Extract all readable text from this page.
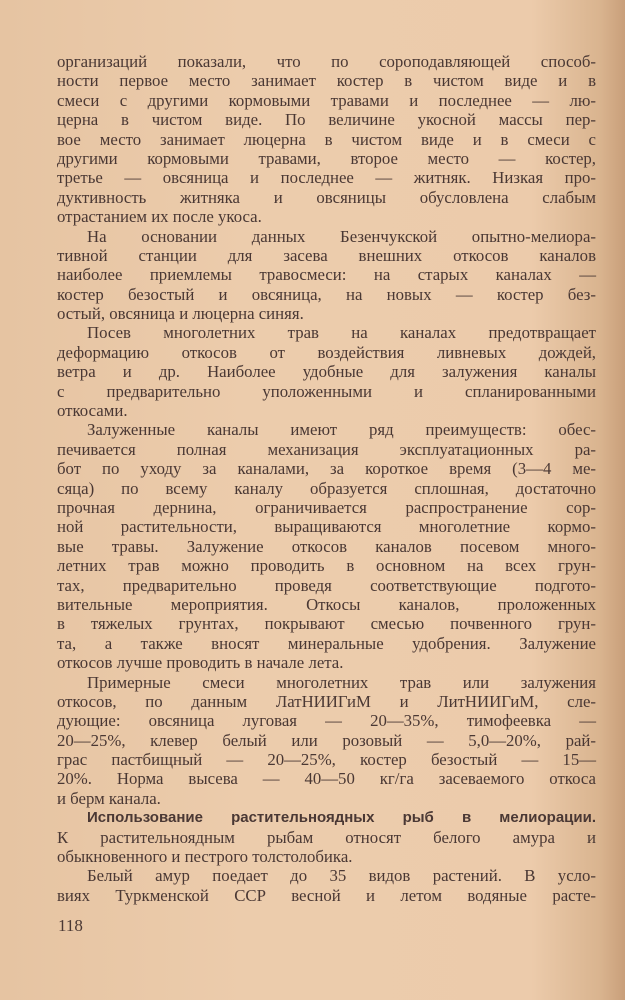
организаций показали, что по сороподавляющей способ-
ности первое место занимает костер в чистом виде и в
смеси с другими кормовыми травами и последнее — лю-
церна в чистом виде. По величине укосной массы пер-
вое место занимает люцерна в чистом виде и в смеси с
другими кормовыми травами, второе место — костер,
третье — овсяница и последнее — житняк. Низкая про-
дуктивность житняка и овсяницы обусловлена слабым
отрастанием их после укоса.
На основании данных Безенчукской опытно-мелиора-
тивной станции для засева внешних откосов каналов
наиболее приемлемы травосмеси: на старых каналах —
костер безостый и овсяница, на новых — костер без-
остый, овсяница и люцерна синяя.
Посев многолетних трав на каналах предотвращает
деформацию откосов от воздействия ливневых дождей,
ветра и др. Наиболее удобные для залужения каналы
с предварительно уположенными и спланированными
откосами.
Залуженные каналы имеют ряд преимуществ: обес-
печивается полная механизация эксплуатационных ра-
бот по уходу за каналами, за короткое время (3—4 ме-
сяца) по всему каналу образуется сплошная, достаточно
прочная дернина, ограничивается распространение сор-
ной растительности, выращиваются многолетние кормо-
вые травы. Залужение откосов каналов посевом много-
летних трав можно проводить в основном на всех грун-
тах, предварительно проведя соответствующие подгото-
вительные мероприятия. Откосы каналов, проложенных
в тяжелых грунтах, покрывают смесью почвенного грун-
та, а также вносят минеральные удобрения. Залужение
откосов лучше проводить в начале лета.
Примерные смеси многолетних трав или залужения
откосов, по данным ЛатНИИГиМ и ЛитНИИГиМ, сле-
дующие: овсяница луговая — 20—35%, тимофеевка —
20—25%, клевер белый или розовый — 5,0—20%, рай-
грас пастбищный — 20—25%, костер безостый — 15—
20%. Норма высева — 40—50 кг/га засеваемого откоса
и берм канала.
Использование растительноядных рыб в мелиорации.
К растительноядным рыбам относят белого амура и
обыкновенного и пестрого толстолобика.
Белый амур поедает до 35 видов растений. В усло-
виях Туркменской ССР весной и летом водяные расте-
118
